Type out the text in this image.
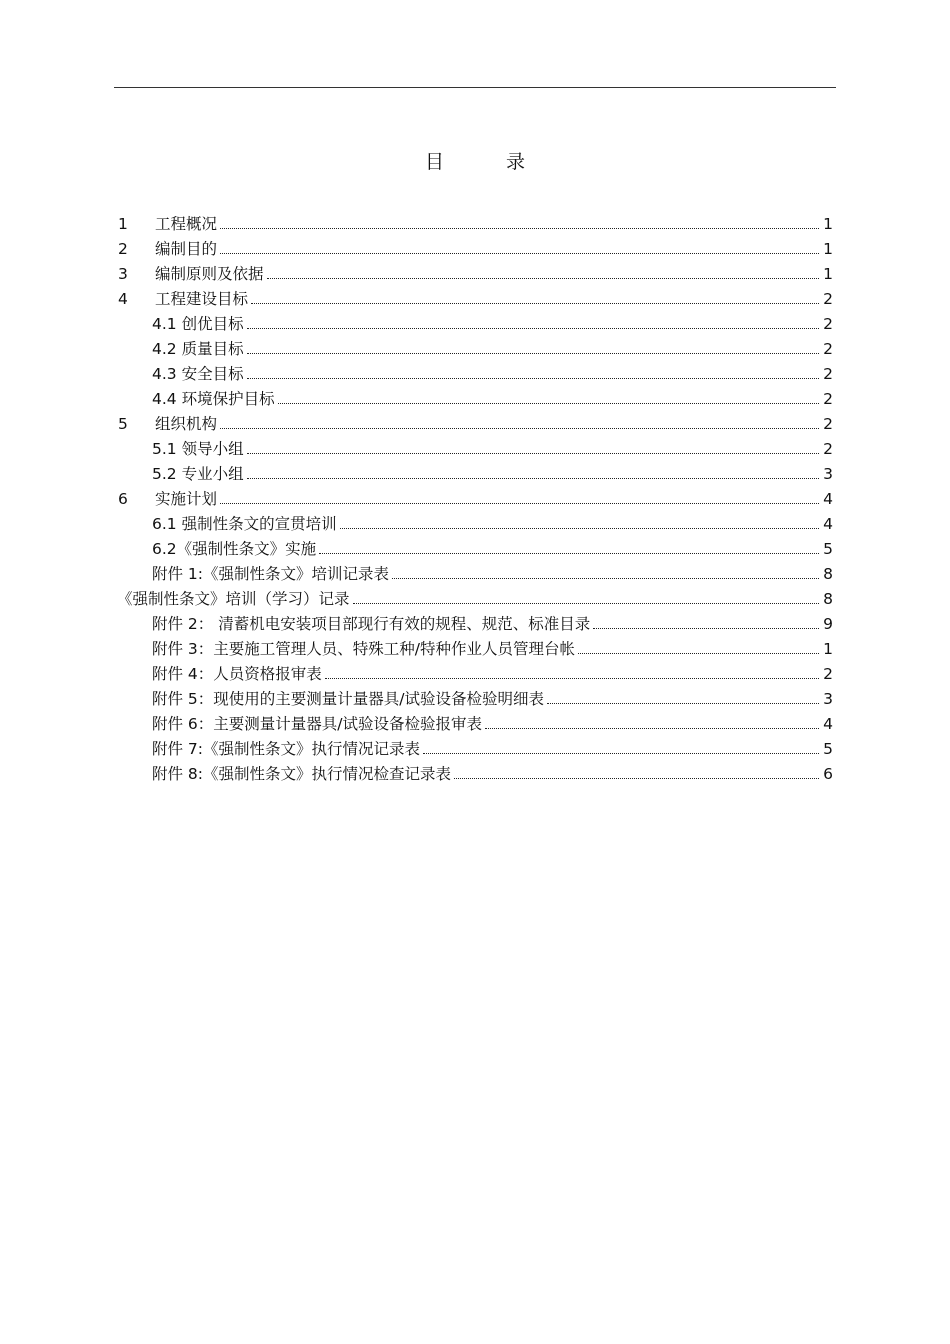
目	录
1	工程概况	1
2	编制目的	1
3	编制原则及依据	1
4	工程建设目标	2
4.1 创优目标	2
4.2 质量目标	2
4.3 安全目标	2
4.4 环境保护目标	2
5	组织机构	2
5.1 领导小组	2
5.2 专业小组	3
6	实施计划	4
6.1 强制性条文的宣贯培训	4
6.2《强制性条文》实施	5
附件 1:《强制性条文》培训记录表	8
《强制性条文》培训（学习）记录	8
附件 2： 清蓄机电安装项目部现行有效的规程、规范、标准目录	9
附件 3：主要施工管理人员、特殊工种/特种作业人员管理台帐	1
附件 4：人员资格报审表	2
附件 5：现使用的主要测量计量器具/试验设备检验明细表	3
附件 6：主要测量计量器具/试验设备检验报审表	4
附件 7:《强制性条文》执行情况记录表	5
附件 8:《强制性条文》执行情况检查记录表	6
